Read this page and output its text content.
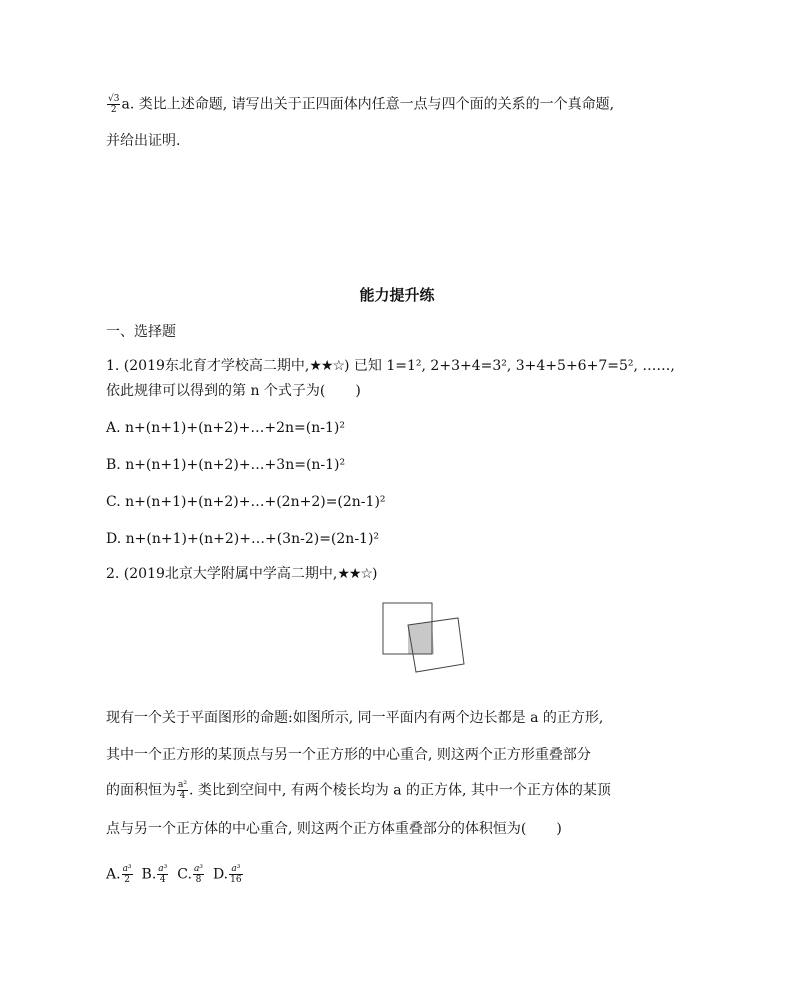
$\frac{√3}{2} a$. 类比上述命题, 请写出关于正四面体内任意一点与四个面的关系的一个真命题,
并给出证明.
能力提升练
一、选择题
1. (2019东北育才学校高二期中,★★☆) 已知 1=1², 2+3+4=3², 3+4+5+6+7=5², ……,
依此规律可以得到的第 n 个式子为( )
A. n+(n+1)+(n+2)+…+2n=(n-1)²
B. n+(n+1)+(n+2)+…+3n=(n-1)²
C. n+(n+1)+(n+2)+…+(2n+2)=(2n-1)²
D. n+(n+1)+(n+2)+…+(3n-2)=(2n-1)²
2. (2019北京大学附属中学高二期中,★★☆)
现有一个关于平面图形的命题:如图所示, 同一平面内有两个边长都是 a 的正方形,
其中一个正方形的某顶点与另一个正方形的中心重合, 则这两个正方形重叠部分
的面积恒为 $\frac{\text{a²}}{4}$ . 类比到空间中, 有两个棱长均为 a 的正方体, 其中一个正方体的某顶
点与另一个正方体的中心重合, 则这两个正方体重叠部分的体积恒为( )
A. $\frac{\text{a³}}{2} B$. $\frac{\text{a³}}{4} C$. $\frac{\text{a³}}{8} D$. $\frac{\text{a³}}{16}$
